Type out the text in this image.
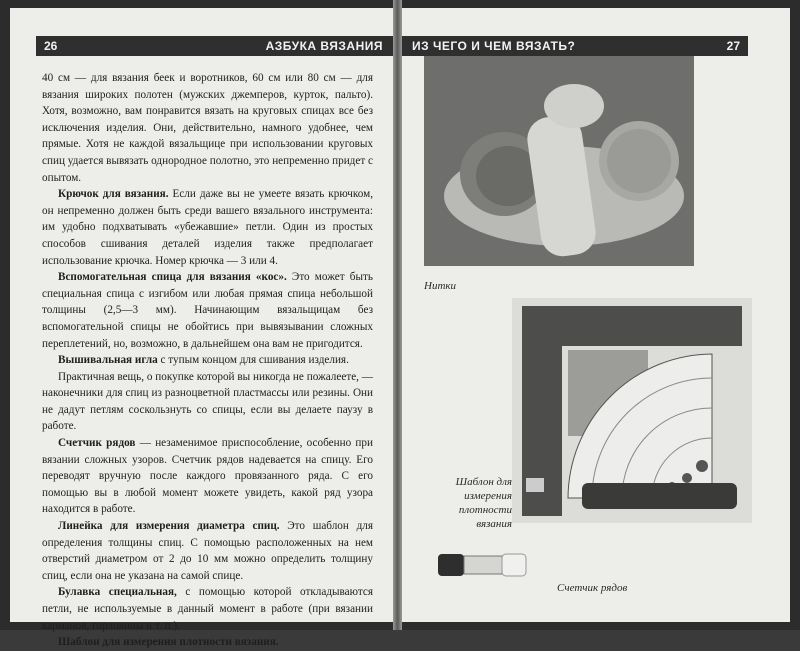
26	АЗБУКА ВЯЗАНИЯ

40 см — для вязания беек и воротников, 60 см или 80 см — для вязания широких полотен (мужских джемперов, курток, пальто). Хотя, возможно, вам понравится вязать на круговых спицах все без исключения изделия. Они, действительно, намного удобнее, чем прямые. Хотя не каждой вязальщице при использовании круговых спиц удается вывязать однородное полотно, это непременно придет с опытом.

Крючок для вязания. Если даже вы не умеете вязать крючком, он непременно должен быть среди вашего вязального инструмента: им удобно подхватывать «убежавшие» петли. Один из простых способов сшивания деталей изделия также предполагает использование крючка. Номер крючка — 3 или 4.

Вспомогательная спица для вязания «кос». Это может быть специальная спица с изгибом или любая прямая спица небольшой толщины (2,5—3 мм). Начинающим вязальщицам без вспомогательной спицы не обойтись при вывязывании сложных переплетений, но, возможно, в дальнейшем она вам не пригодится.

Вышивальная игла с тупым концом для сшивания изделия.

Практичная вещь, о покупке которой вы никогда не пожалеете, — наконечники для спиц из разноцветной пластмассы или резины. Они не дадут петлям соскользнуть со спицы, если вы делаете паузу в работе.

Счетчик рядов — незаменимое приспособление, особенно при вязании сложных узоров. Счетчик рядов надевается на спицу. Его переводят вручную после каждого провязанного ряда. С его помощью вы в любой момент можете увидеть, какой ряд узора находится в работе.

Линейка для измерения диаметра спиц. Это шаблон для определения толщины спиц. С помощью расположенных на нем отверстий диаметром от 2 до 10 мм можно определить толщину спиц, если она не указана на самой спице.

Булавка специальная, с помощью которой откладываются петли, не используемые в данный момент в работе (при вязании карманов, горловины и т. п.).

Шаблон для измерения плотности вязания.

ИЗ ЧЕГО И ЧЕМ ВЯЗАТЬ?	27
Нитки
Шаблон для измерения плотности вязания
Счетчик рядов
